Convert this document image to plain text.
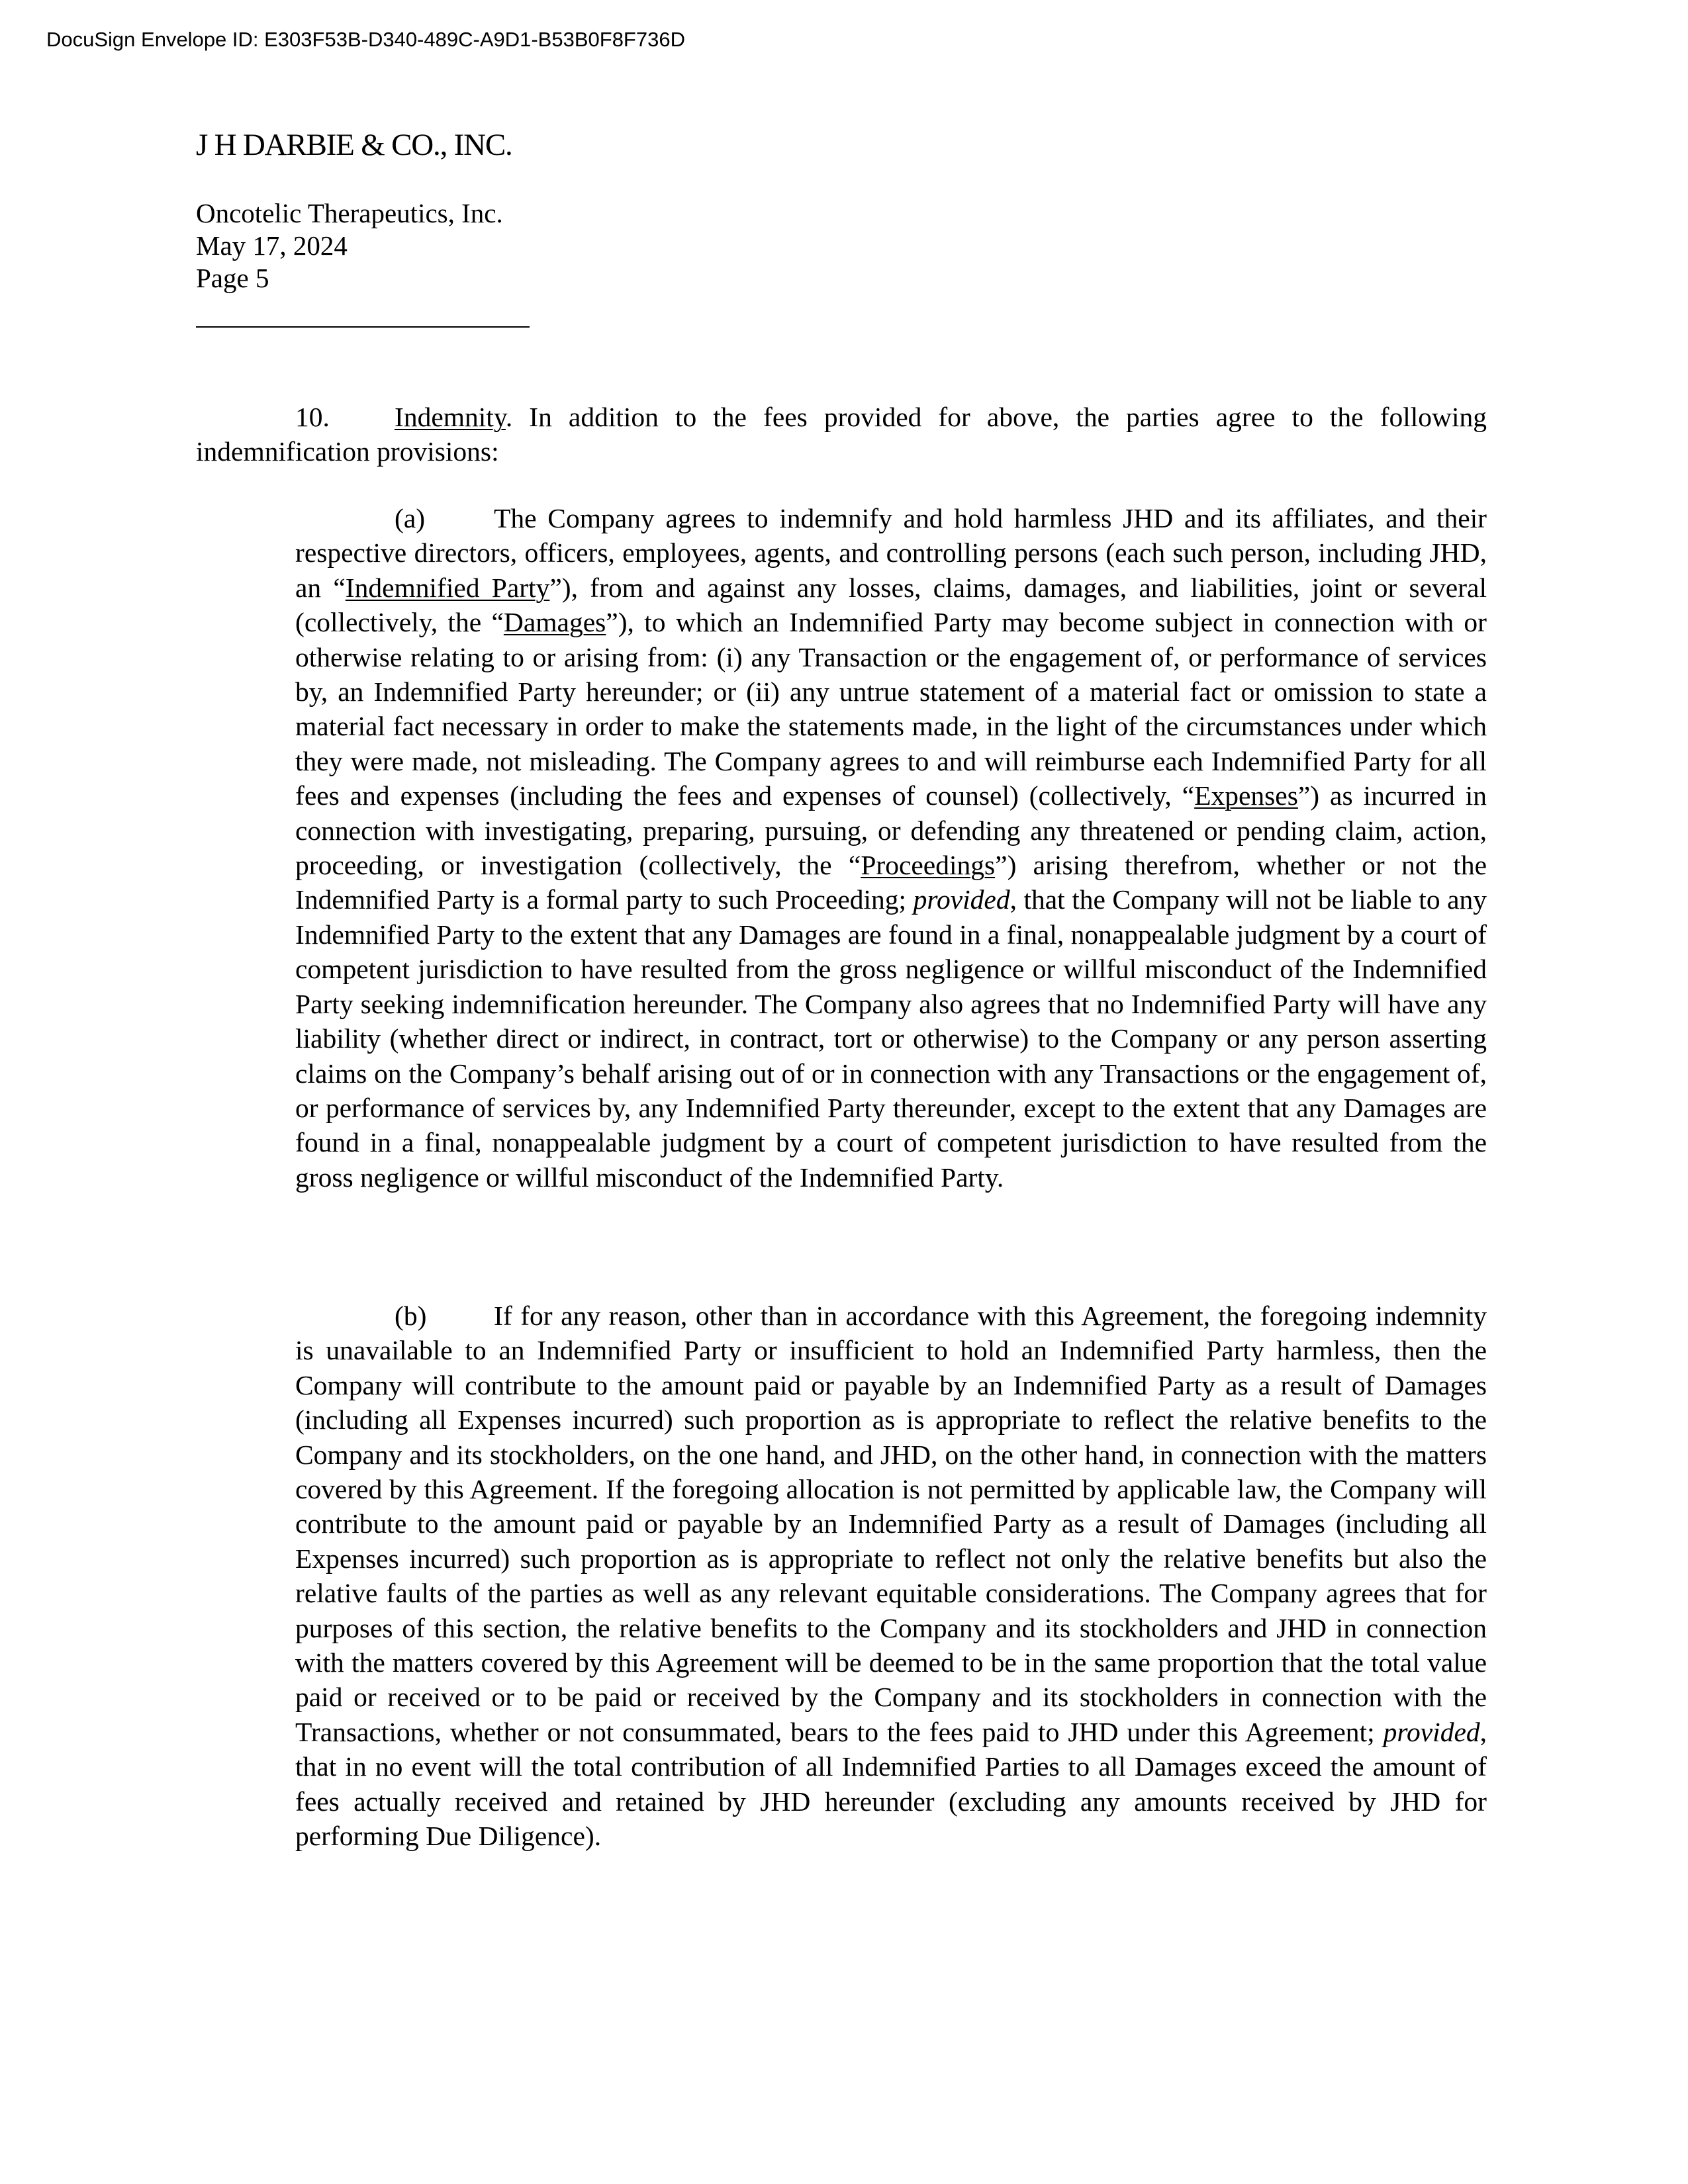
DocuSign Envelope ID: E303F53B-D340-489C-A9D1-B53B0F8F736D
J H DARBIE & CO., INC.
Oncotelic Therapeutics, Inc.
May 17, 2024
Page 5

10. Indemnity. In addition to the fees provided for above, the parties agree to the following indemnification provisions:

(a)	The Company agrees to indemnify and hold harmless JHD and its affiliates, and their respective directors, officers, employees, agents, and controlling persons (each such person, including JHD, an “Indemnified Party”), from and against any losses, claims, damages, and liabilities, joint or several (collectively, the “Damages”), to which an Indemnified Party may become subject in connection with or otherwise relating to or arising from: (i) any Transaction or the engagement of, or performance of services by, an Indemnified Party hereunder; or (ii) any untrue statement of a material fact or omission to state a material fact necessary in order to make the statements made, in the light of the circumstances under which they were made, not misleading. The Company agrees to and will reimburse each Indemnified Party for all fees and expenses (including the fees and expenses of counsel) (collectively, “Expenses”) as incurred in connection with investigating, preparing, pursuing, or defending any threatened or pending claim, action, proceeding, or investigation (collectively, the “Proceedings”) arising therefrom, whether or not the Indemnified Party is a formal party to such Proceeding; provided, that the Company will not be liable to any Indemnified Party to the extent that any Damages are found in a final, nonappealable judgment by a court of competent jurisdiction to have resulted from the gross negligence or willful misconduct of the Indemnified Party seeking indemnification hereunder. The Company also agrees that no Indemnified Party will have any liability (whether direct or indirect, in contract, tort or otherwise) to the Company or any person asserting claims on the Company’s behalf arising out of or in connection with any Transactions or the engagement of, or performance of services by, any Indemnified Party thereunder, except to the extent that any Damages are found in a final, nonappealable judgment by a court of competent jurisdiction to have resulted from the gross negligence or willful misconduct of the Indemnified Party.

(b) If for any reason, other than in accordance with this Agreement, the foregoing indemnity is unavailable to an Indemnified Party or insufficient to hold an Indemnified Party harmless, then the Company will contribute to the amount paid or payable by an Indemnified Party as a result of Damages (including all Expenses incurred) such proportion as is appropriate to reflect the relative benefits to the Company and its stockholders, on the one hand, and JHD, on the other hand, in connection with the matters covered by this Agreement. If the foregoing allocation is not permitted by applicable law, the Company will contribute to the amount paid or payable by an Indemnified Party as a result of Damages (including all Expenses incurred) such proportion as is appropriate to reflect not only the relative benefits but also the relative faults of the parties as well as any relevant equitable considerations. The Company agrees that for purposes of this section, the relative benefits to the Company and its stockholders and JHD in connection with the matters covered by this Agreement will be deemed to be in the same proportion that the total value paid or received or to be paid or received by the Company and its stockholders in connection with the Transactions, whether or not consummated, bears to the fees paid to JHD under this Agreement; provided, that in no event will the total contribution of all Indemnified Parties to all Damages exceed the amount of fees actually received and retained by JHD hereunder (excluding any amounts received by JHD for performing Due Diligence).
